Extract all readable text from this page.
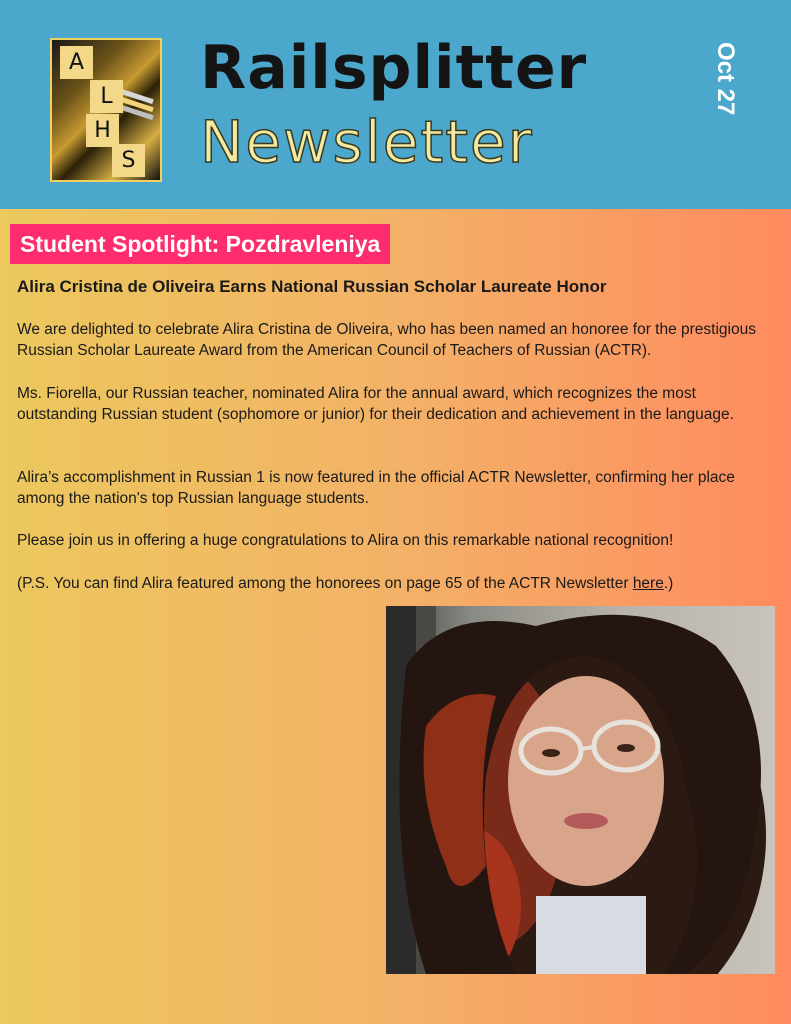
A
L
H
S
Railsplitter
Newsletter
Oct 27
Student Spotlight: Pozdravleniya
Alira Cristina de Oliveira Earns National Russian Scholar Laureate Honor

We are delighted to celebrate Alira Cristina de Oliveira, who has been named an honoree for the prestigious Russian Scholar Laureate Award from the American Council of Teachers of Russian (ACTR).

Ms. Fiorella, our Russian teacher, nominated Alira for the annual award, which recognizes the most outstanding Russian student (sophomore or junior) for their dedication and achievement in the language.

Alira’s accomplishment in Russian 1 is now featured in the official ACTR Newsletter, confirming her place among the nation's top Russian language students.

Please join us in offering a huge congratulations to Alira on this remarkable national recognition!

(P.S. You can find Alira featured among the honorees on page 65 of the ACTR Newsletter here.)
